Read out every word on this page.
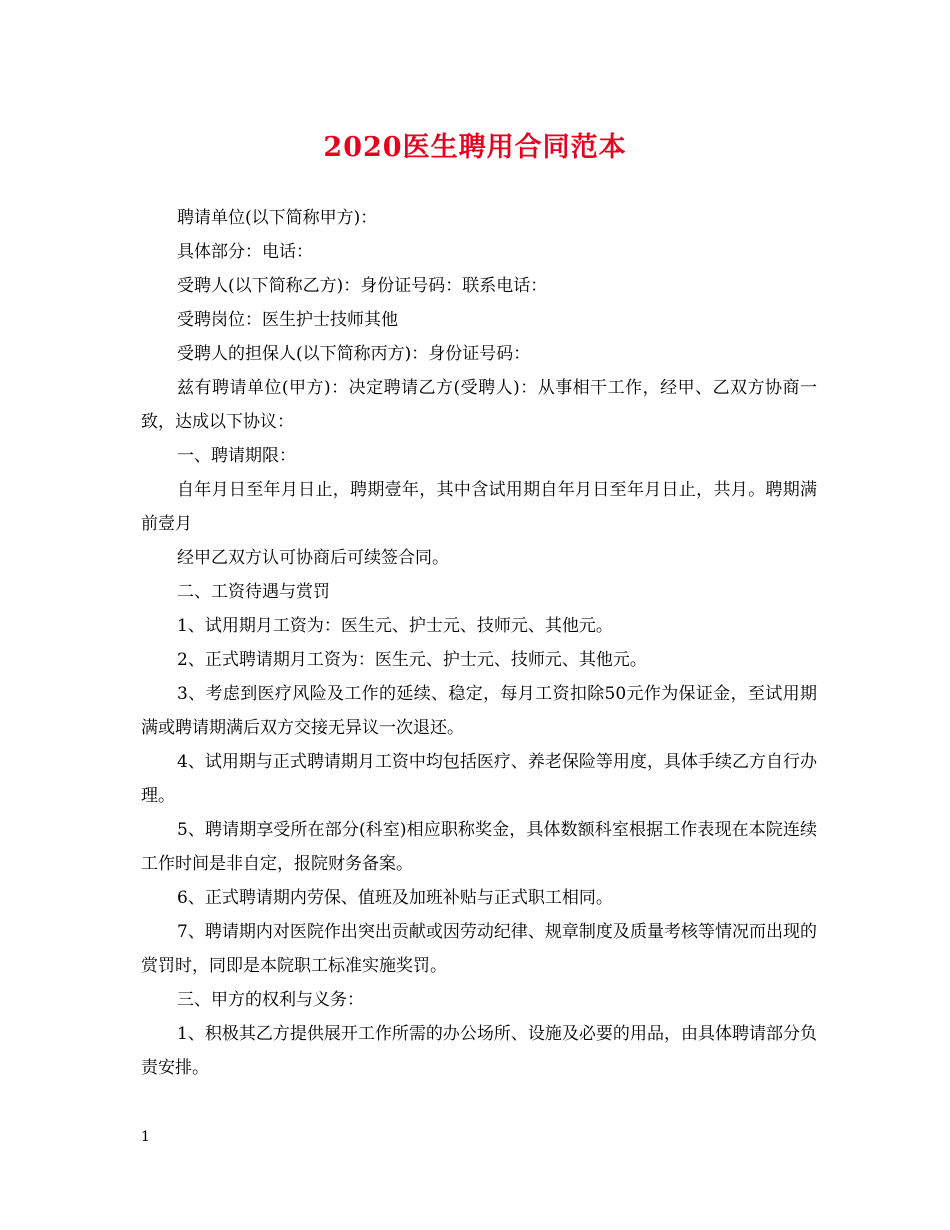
2020医生聘用合同范本

聘请单位(以下简称甲方)：

具体部分：电话：

受聘人(以下简称乙方)：身份证号码：联系电话：

受聘岗位：医生护士技师其他

受聘人的担保人(以下简称丙方)：身份证号码：

兹有聘请单位(甲方)：决定聘请乙方(受聘人)：从事相干工作，经甲、乙双方协商一致，达成以下协议：

一、聘请期限：

自年月日至年月日止，聘期壹年，其中含试用期自年月日至年月日止，共月。聘期满前壹月

经甲乙双方认可协商后可续签合同。

二、工资待遇与赏罚

1、试用期月工资为：医生元、护士元、技师元、其他元。

2、正式聘请期月工资为：医生元、护士元、技师元、其他元。

3、考虑到医疗风险及工作的延续、稳定，每月工资扣除50元作为保证金，至试用期满或聘请期满后双方交接无异议一次退还。

4、试用期与正式聘请期月工资中均包括医疗、养老保险等用度，具体手续乙方自行办理。

5、聘请期享受所在部分(科室)相应职称奖金，具体数额科室根据工作表现在本院连续工作时间是非自定，报院财务备案。

6、正式聘请期内劳保、值班及加班补贴与正式职工相同。

7、聘请期内对医院作出突出贡献或因劳动纪律、规章制度及质量考核等情况而出现的赏罚时，同即是本院职工标准实施奖罚。

三、甲方的权利与义务：

1、积极其乙方提供展开工作所需的办公场所、设施及必要的用品，由具体聘请部分负责安排。

1
